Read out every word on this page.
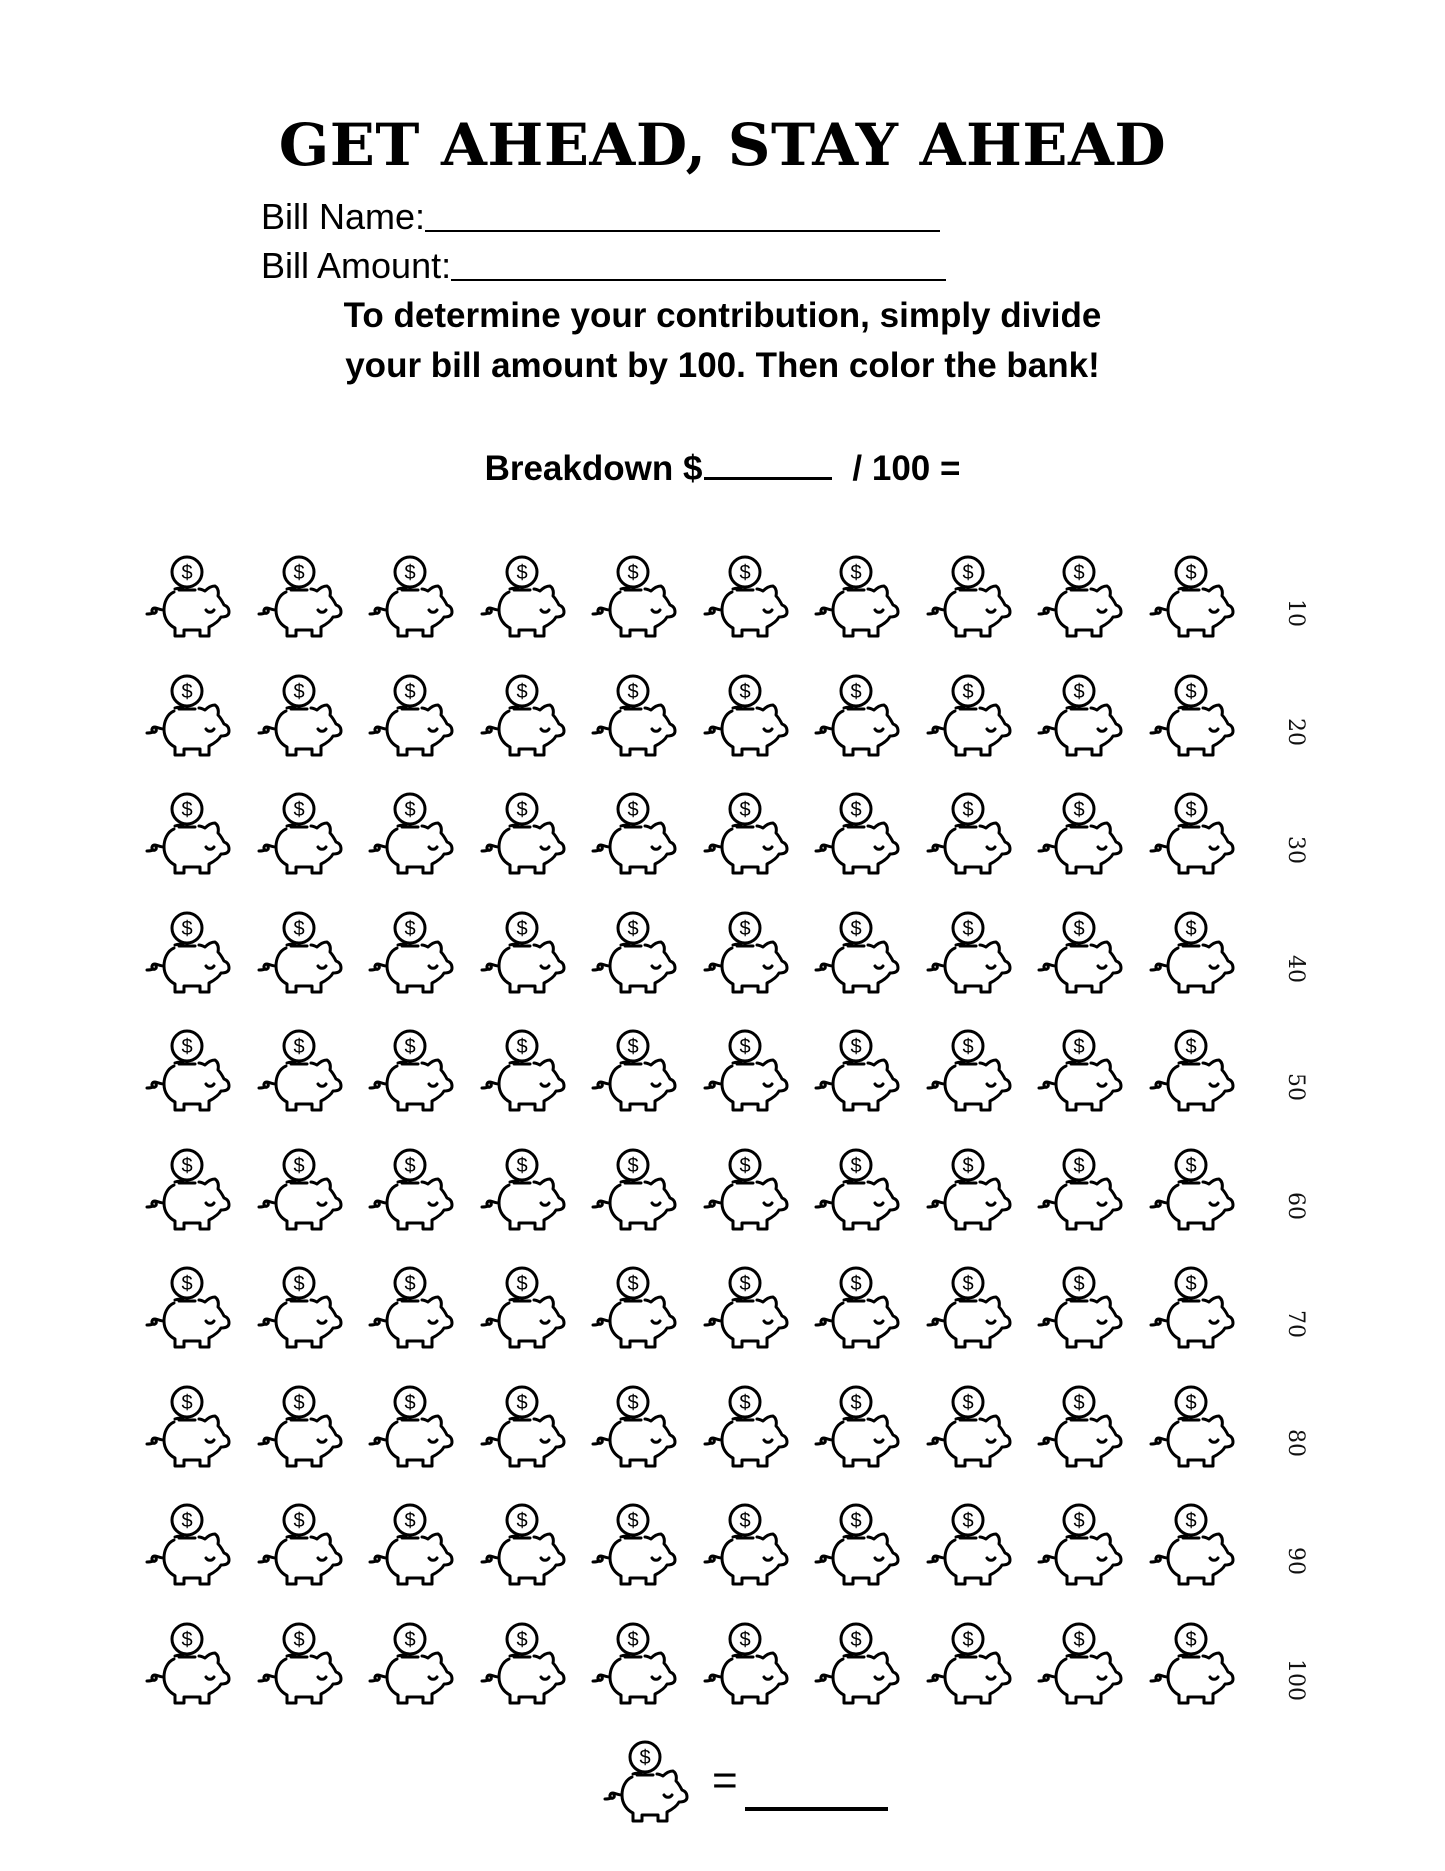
GET AHEAD, STAY AHEAD
Bill Name:
Bill Amount:
To determine your contribution, simply divide
your bill amount by 100. Then color the bank!
Breakdown $	/ 100 =
$	$	$	$	$	$	$	$	$	$
10
$	$	$	$	$	$	$	$	$	$
20
$	$	$	$	$	$	$	$	$	$
30
$	$	$	$	$	$	$	$	$	$
40
$	$	$	$	$	$	$	$	$	$
50
$	$	$	$	$	$	$	$	$	$
60
$	$	$	$	$	$	$	$	$	$
70
$	$	$	$	$	$	$	$	$	$
80
$	$	$	$	$	$	$	$	$	$
90
$	$	$	$	$	$	$	$	$	$
100
$ =
